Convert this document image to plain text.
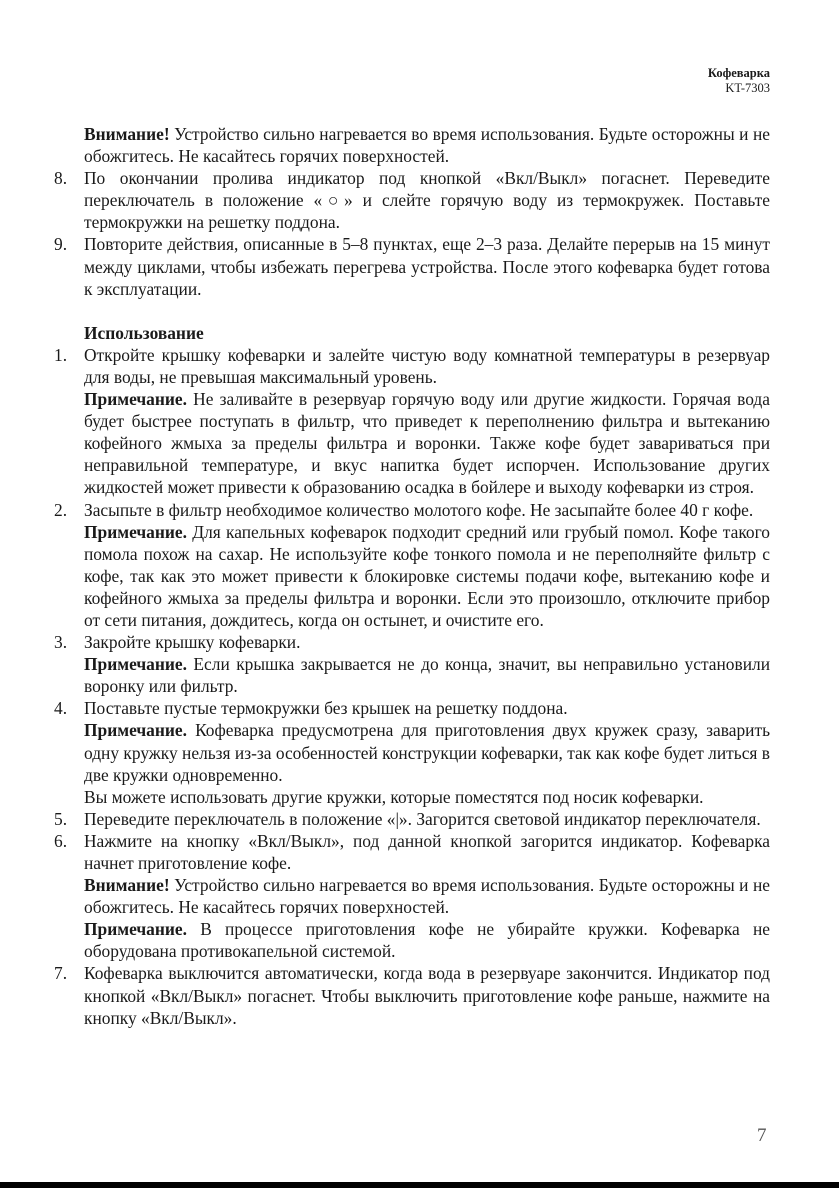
Кофеварка
KT-7303

Внимание! Устройство сильно нагревается во время использования. Будьте осторожны и не обожгитесь. Не касайтесь горячих поверхностей.

8. По окончании пролива индикатор под кнопкой «Вкл/Выкл» погаснет. Переведите переключатель в положение «○» и слейте горячую воду из термокружек. Поставьте термокружки на решетку поддона.

9. Повторите действия, описанные в 5–8 пунктах, еще 2–3 раза. Делайте перерыв на 15 минут между циклами, чтобы избежать перегрева устройства. После этого кофеварка будет готова к эксплуатации.

Использование
1. Откройте крышку кофеварки и залейте чистую воду комнатной температуры в резервуар для воды, не превышая максимальный уровень.

Примечание. Не заливайте в резервуар горячую воду или другие жидкости. Горячая вода будет быстрее поступать в фильтр, что приведет к переполнению фильтра и вытеканию кофейного жмыха за пределы фильтра и воронки. Также кофе будет завариваться при неправильной температуре, и вкус напитка будет испорчен. Использование других жидкостей может привести к образованию осадка в бойлере и выходу кофеварки из строя.

2. Засыпьте в фильтр необходимое количество молотого кофе. Не засыпайте более 40 г кофе.

Примечание. Для капельных кофеварок подходит средний или грубый помол. Кофе такого помола похож на сахар. Не используйте кофе тонкого помола и не переполняйте фильтр с кофе, так как это может привести к блокировке системы подачи кофе, вытеканию кофе и кофейного жмыха за пределы фильтра и воронки. Если это произошло, отключите прибор от сети питания, дождитесь, когда он остынет, и очистите его.

3. Закройте крышку кофеварки.

Примечание. Если крышка закрывается не до конца, значит, вы неправильно установили воронку или фильтр.

4. Поставьте пустые термокружки без крышек на решетку поддона.

Примечание. Кофеварка предусмотрена для приготовления двух кружек сразу, заварить одну кружку нельзя из-за особенностей конструкции кофеварки, так как кофе будет литься в две кружки одновременно.

Вы можете использовать другие кружки, которые поместятся под носик кофеварки.

5. Переведите переключатель в положение «|». Загорится световой индикатор переключателя.

6. Нажмите на кнопку «Вкл/Выкл», под данной кнопкой загорится индикатор. Кофеварка начнет приготовление кофе.

Внимание! Устройство сильно нагревается во время использования. Будьте осторожны и не обожгитесь. Не касайтесь горячих поверхностей.

Примечание. В процессе приготовления кофе не убирайте кружки. Кофеварка не оборудована противокапельной системой.

7. Кофеварка выключится автоматически, когда вода в резервуаре закончится. Индикатор под кнопкой «Вкл/Выкл» погаснет. Чтобы выключить приготовление кофе раньше, нажмите на кнопку «Вкл/Выкл».

7
